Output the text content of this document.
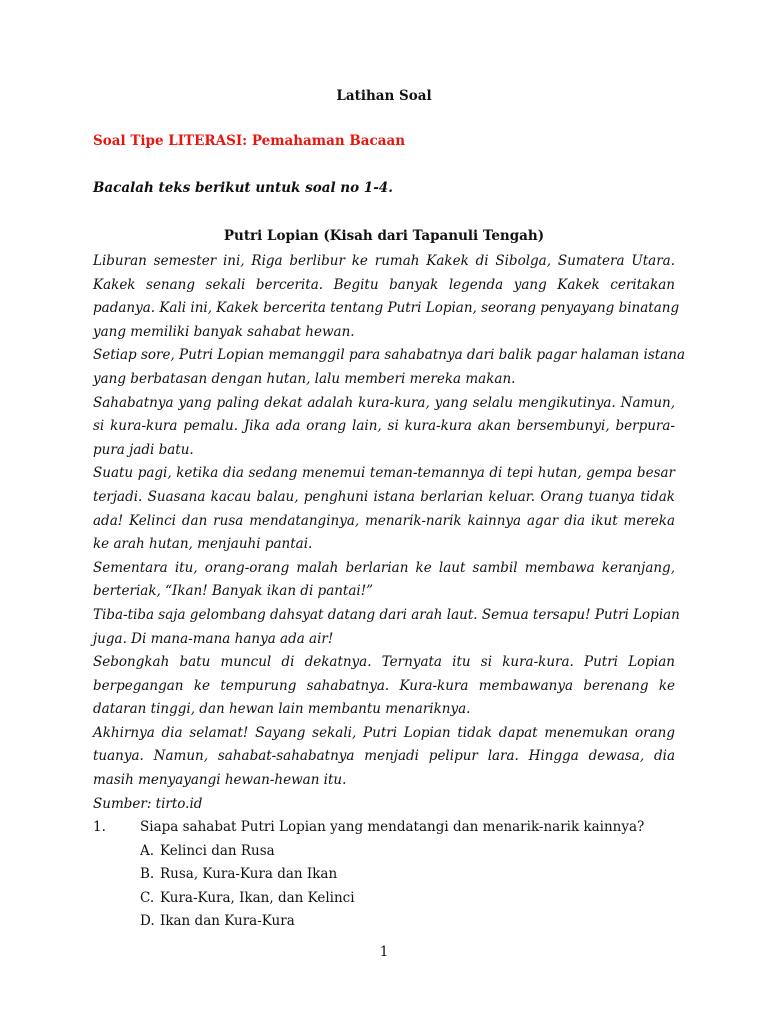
Latihan Soal
Soal Tipe LITERASI: Pemahaman Bacaan
Bacalah teks berikut untuk soal no 1-4.
Putri Lopian (Kisah dari Tapanuli Tengah)
Liburan semester ini, Riga berlibur ke rumah Kakek di Sibolga, Sumatera Utara.
Kakek senang sekali bercerita. Begitu banyak legenda yang Kakek ceritakan
padanya. Kali ini, Kakek bercerita tentang Putri Lopian, seorang penyayang binatang
yang memiliki banyak sahabat hewan.
Setiap sore, Putri Lopian memanggil para sahabatnya dari balik pagar halaman istana
yang berbatasan dengan hutan, lalu memberi mereka makan.
Sahabatnya yang paling dekat adalah kura-kura, yang selalu mengikutinya. Namun,
si kura-kura pemalu. Jika ada orang lain, si kura-kura akan bersembunyi, berpura-
pura jadi batu.
Suatu pagi, ketika dia sedang menemui teman-temannya di tepi hutan, gempa besar
terjadi. Suasana kacau balau, penghuni istana berlarian keluar. Orang tuanya tidak
ada! Kelinci dan rusa mendatanginya, menarik-narik kainnya agar dia ikut mereka
ke arah hutan, menjauhi pantai.
Sementara itu, orang-orang malah berlarian ke laut sambil membawa keranjang,
berteriak, “Ikan! Banyak ikan di pantai!”
Tiba-tiba saja gelombang dahsyat datang dari arah laut. Semua tersapu! Putri Lopian
juga. Di mana-mana hanya ada air!
Sebongkah batu muncul di dekatnya. Ternyata itu si kura-kura. Putri Lopian
berpegangan ke tempurung sahabatnya. Kura-kura membawanya berenang ke
dataran tinggi, dan hewan lain membantu menariknya.
Akhirnya dia selamat! Sayang sekali, Putri Lopian tidak dapat menemukan orang
tuanya. Namun, sahabat-sahabatnya menjadi pelipur lara. Hingga dewasa, dia
masih menyayangi hewan-hewan itu.
Sumber: tirto.id
1.	Siapa sahabat Putri Lopian yang mendatangi dan menarik-narik kainnya?
A. Kelinci dan Rusa
B. Rusa, Kura-Kura dan Ikan
C. Kura-Kura, Ikan, dan Kelinci
D. Ikan dan Kura-Kura
1
